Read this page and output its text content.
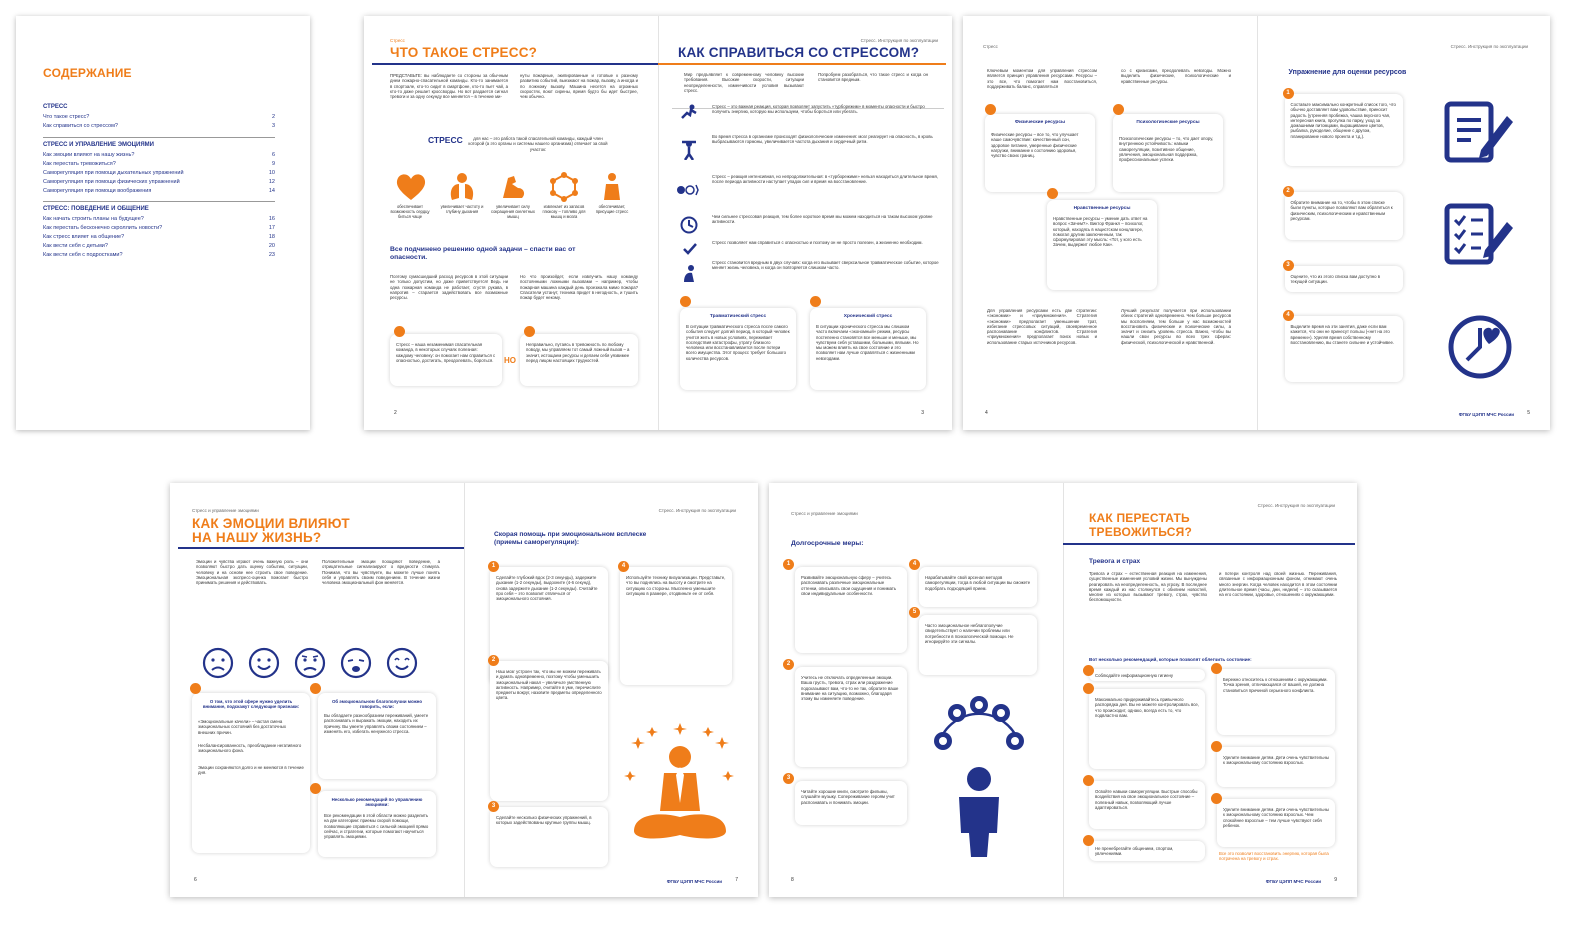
СОДЕРЖАНИЕ
СТРЕСС
Что такое стресс?	2
Как справиться со стрессом?	3
СТРЕСС И УПРАВЛЕНИЕ ЭМОЦИЯМИ
Как эмоции влияют на нашу жизнь?	6
Как перестать тревожиться?	9
Саморегуляция при помощи дыхательных упражнений	10
Саморегуляция при помощи физических упражнений	12
Саморегуляция при помощи воображения	14
СТРЕСС: ПОВЕДЕНИЕ И ОБЩЕНИЕ
Как начать строить планы на будущее?	16
Как перестать бесконечно скроллить новости?	17
Как стресс влияет на общение?	18
Как вести себя с детьми?	20
Как вести себя с подростками?	23
Стресс
ЧТО ТАКОЕ СТРЕСС?
ПРЕДСТАВЬТЕ: вы наблюдаете со стороны за обычным днем пожарно-спасательной команды. Кто-то занимается в спортзале, кто-то сидит в смартфоне, кто-то пьет чай, а кто-то даже решает кроссворды. Но вот раздается сигнал тревоги и за одну секунду все меняется – в течение ми-
нуты пожарные, экипированные и готовые к разному развитию событий, выезжают на пожар, вызову, а иногда и по ложному вызову. Машина несется на огромных скоростях, воют сирены, время будто бы идет быстрее, чем обычно.
СТРЕСС	для нас – это работа такой спасательной команды, каждый член которой (а это органы и системы нашего организма) отвечает за свой участок:
обеспечивает возможность сердцу биться чаще
увеличивает частоту и глубину дыхания
увеличивает силу сокращения скелетных мышц
извлекает из запасов глюкозу – топливо для мышц и мозга
обеспечивает, присущие стресс
Все подчинено решению одной задачи – спасти вас от опасности.
Поэтому сумасшедший расход ресурсов в этой ситуации не только допустим, но даже приветствуется! Ведь ни одна пожарная команда не работает, сгустя рукава, в напротив – старается задействовать все возможные ресурсы.
Но что произойдет, если извлучить нашу команду постоянными ложными вызовами – например, чтобы пожарная машина каждый день проезжала мимо пожара? Спасатели устанут, техника придет в негодность, и тушить пожар будет некому.
Стресс – наша незаменимая спасательная команда, в некоторых случаях полезная: каждому человеку: он помогает нам справиться с опасностью, достигать, преодолевать, бороться.	НО
Неправильно, путаясь в тревожность по любому поводу, мы управляем тот самый ложный вызов – а значит, истощаем ресурсы и делаем себя уязвимее перед лицом настоящих трудностей.
2
Стресс. Инструкция по эксплуатации
КАК СПРАВИТЬСЯ СО СТРЕССОМ?
Мир предъявляет к современному человеку высокие требования. Высокие скорости, ситуации неопределенности, изменчивости условия вызывают стресс.
Попробуем разобраться, что такое стресс и когда он становится вредным.
Стресс – это важная реакция, которая позволяет запустить «турборежим» в моменты опасности и быстро получить энергию, которую мы используем, чтобы бороться или убегать.
Во время стресса в организме происходят физиологические изменения: мозг реагирует на опасность, в кровь выбрасываются гормоны, увеличивается частота дыхания и сердечный ритм.
Стресс – реакция интенсивная, но непродолжительная: в «турборежиме» нельзя находиться длительное время, после периода активности наступает упадок сил и время на восстановление.
Чем сильнее стрессовая реакция, тем более короткое время мы можем находиться на таком высоком уровне активности.
Стресс позволяет нам справиться с опасностью и поэтому он не просто полезен, а жизненно необходим.
Стресс становится вредным в двух случаях: когда его вызывает сверхсильное травматическое событие, которое меняет жизнь человека, и когда он повторяется слишком часто.
Травматический стресс
В ситуации травматического стресса после самого события следует долгий период, в который человек учится жить в новых условиях, переживает последствия катастрофы, утрату близкого человека или восстанавливается после потери всего имущества. Этот процесс требует большого количества ресурсов.
Хронический стресс
В ситуации хронического стресса мы слишком часто включаем «экономный» режим, ресурсы постепенно становятся все меньше и меньше, мы чувствуем себя уставшими, больными, вялыми. Но мы можем влиять на свое состояние и это позволяет нам лучше справляться с жизненными невзгодами.
3
Стресс
Ключевым моментом для управления стрессом является принцип управления ресурсами. Ресурсы – это все, что помогает нам восстановиться, поддерживать баланс, справляться
со с кризисами, преодолевать невзгоды. Можно выделить физические, психологические и нравственные ресурсы.
Физические ресурсы
Физические ресурсы – все то, что улучшает наше самочувствие: качественный сон, здоровое питание, умеренные физические нагрузки, внимание к состоянию здоровья, чувство своих границ.
Психологические ресурсы
Психологические ресурсы – то, что дает опору, внутреннюю устойчивость: навыки саморегуляции, позитивное общение, увлечения, эмоциональная поддержка, профессиональные успехи.
Нравственные ресурсы
Нравственные ресурсы – умение дать ответ на вопрос «Зачем?». Виктор Франкл – психолог, который, находясь в нацистском концлагере, помогал другим заключенным, так сформулировал эту мысль: «Тот, у кого есть Зачем, выдержит любое Как».
Для управления ресурсами есть две стратегии: «экономии» и «приумножения». Стратегия «экономии» предполагает уменьшение трат, избегание стрессовых ситуаций, своевременное распознавание конфликтов. Стратегия «приумножения» предполагает поиск новых и использование старых источников ресурсов.
Лучший результат получается при использовании обеих стратегий одновременно. Чем больше ресурсов мы восполняем, тем больше у нас возможностей восстановить физические и психические силы, а значит и снизить уровень стресса. Важно, чтобы вы нашли свои ресурсы во всех трех сферах: физической, психологической и нравственной.
4
Стресс. Инструкция по эксплуатации
Упражнение для оценки ресурсов
Составьте максимально конкретный список того, что обычно доставляет вам удовольствие, приносит радость (утренняя пробежка, чашка вкусного чая, интересная книга, прогулка по парку, уход за домашними питомцами, выращивание цветов, рыбалка, рукоделие, общение с другом, планирование нового проекта и т.д.).
1
Обратите внимание на то, чтобы в этом списке были пункты, которые позволяют вам обратиться к физическим, психологическим и нравственным ресурсам.
2
Оцените, что из этого списка вам доступно в текущей ситуации.
3
Выделите время на эти занятия, даже если вам кажется, что они не принесут пользы («нет на это времени»). Уделяя время собственному восстановлению, вы станете сильнее и устойчивее.
4
ФГБУ ЦЭПП МЧС России	5
Стресс и управление эмоциями
КАК ЭМОЦИИ ВЛИЯЮТ НА НАШУ ЖИЗНЬ?
Эмоции и чувства играют очень важную роль – они позволяют быстро дать оценку событию, ситуации, человеку и на основе нее строить свое поведение. Эмоциональная экспресс-оценка помогает быстро принимать решения и действовать.
Положительные эмоции поощряют поведение, а отрицательные сигнализируют о вредности стимула. Понимая, что вы чувствуете, вы можете лучше понять себя и управлять своим поведением. В течение жизни человека эмоциональный фон меняется.
О том, что этой сфере нужно уделить внимание, подскажут следующие признаки:
«Эмоциональные качели» – частая смена эмоциональных состояний без достаточных внешних причин.
Несбалансированность, преобладание негативного эмоционального фона.
Эмоции сохраняются долго и не меняются в течение дня.
Об эмоциональном благополучии можно говорить, если:
Вы обладаете разнообразием переживаний, умеете распознавать и выражать эмоции, находить их причину. Вы умеете управлять своим состоянием – изменять его, избегать ненужного стресса.
Несколько рекомендаций по управлению эмоциями:
Все рекомендации в этой области можно разделить на две категории: приемы скорой помощи, позволяющие справиться с сильной эмоцией прямо сейчас, и стратегии, которые помогают научиться управлять эмоциями.
6
Стресс. Инструкция по эксплуатации
Скорая помощь при эмоциональном всплеске (приемы саморегуляции):
Сделайте глубокий вдох (2-3 секунды), задержите дыхание (1-2 секунды), выдохните (4-6 секунд), снова задержите дыхание (1-2 секунды). Считайте про себя – это позволит отвлечься от эмоционального состояния.
1
Наш мозг устроен так, что мы не можем переживать и думать одновременно, поэтому чтобы уменьшить эмоциональный накал – увеличьте умственную активность. Например, считайте в уме, перечислите предметы вокруг, назовите предметы определенного цвета.
2
Сделайте несколько физических упражнений, в которых задействованы крупные группы мышц.
3
Используйте технику визуализации. Представьте, что вы поднялись на высоту и смотрите на ситуацию со стороны. Мысленно уменьшите ситуацию в размере, отодвиньте ее от себя.
4
ФГБУ ЦЭПП МЧС России	7
Стресс и управление эмоциями
Долгосрочные меры:
Развивайте эмоциональную сферу – учитесь распознавать различные эмоциональные оттенки, описывать свои ощущения и понимать свои индивидуальные особенности.
1
Учитесь не отключать определенные эмоции. Ваша грусть, тревога, страх или раздражение подсказывают вам, что-то не так, обратите ваше внимание на ситуацию, возможно, благодаря этому вы изменяете поведение.
2
Читайте хорошие книги, смотрите фильмы, слушайте музыку. Сопереживание героям учит распознавать и понимать эмоции.
3
Нарабатывайте свой арсенал методов саморегуляции, тогда в любой ситуации вы сможете подобрать подходящий прием.
4
Часто эмоциональное неблагополучие свидетельствует о наличии проблемы или потребности в психологической помощи. Не игнорируйте эти сигналы.
5
8
Стресс. Инструкция по эксплуатации
КАК ПЕРЕСТАТЬ ТРЕВОЖИТЬСЯ?
Тревога и страх
Тревога и страх – естественная реакция на изменения, существенные изменения условий жизни. Мы вынуждены реагировать на неопределенность, на угрозу. В последнее время каждый из нас столкнулся с обилием новостей, многие из которых вызывают тревогу, страх, чувство беспомощности.
и потери контроля над своей жизнью. Переживания, связанные с информационным фоном, отнимают очень много энергии. Когда человек находится в этом состоянии длительное время (часы, дни, недели) – это сказывается на его состоянии, здоровье, отношениях с окружающими.
Вот несколько рекомендаций, которые позволят облегчить состояние:
Соблюдайте информационную гигиену
Максимально придерживайтесь привычного распорядка дня. Вы не можете контролировать все, что происходит, однако, всегда есть то, что подвластно вам.
Освойте навыки саморегуляции. Быстрые способы воздействия на свое эмоциональное состояние – полезный навык, позволяющий лучше адаптироваться.
Не пренебрегайте общением, спортом, увлечениями.
Бережно относитесь к отношениям с окружающими. Точка зрения, отличающаяся от вашей, не должна становиться причиной серьезного конфликта.
Уделите внимание детям. Дети очень чувствительны к эмоциональному состоянию взрослых.
Уделите внимание детям. Дети очень чувствительны к эмоциональному состоянию взрослых. Чем спокойнее взрослые – тем лучше чувствуют себя ребенок.
Все это позволит восстановить энергию, которая была потрачена на тревогу и страх.
ФГБУ ЦЭПП МЧС России	9
